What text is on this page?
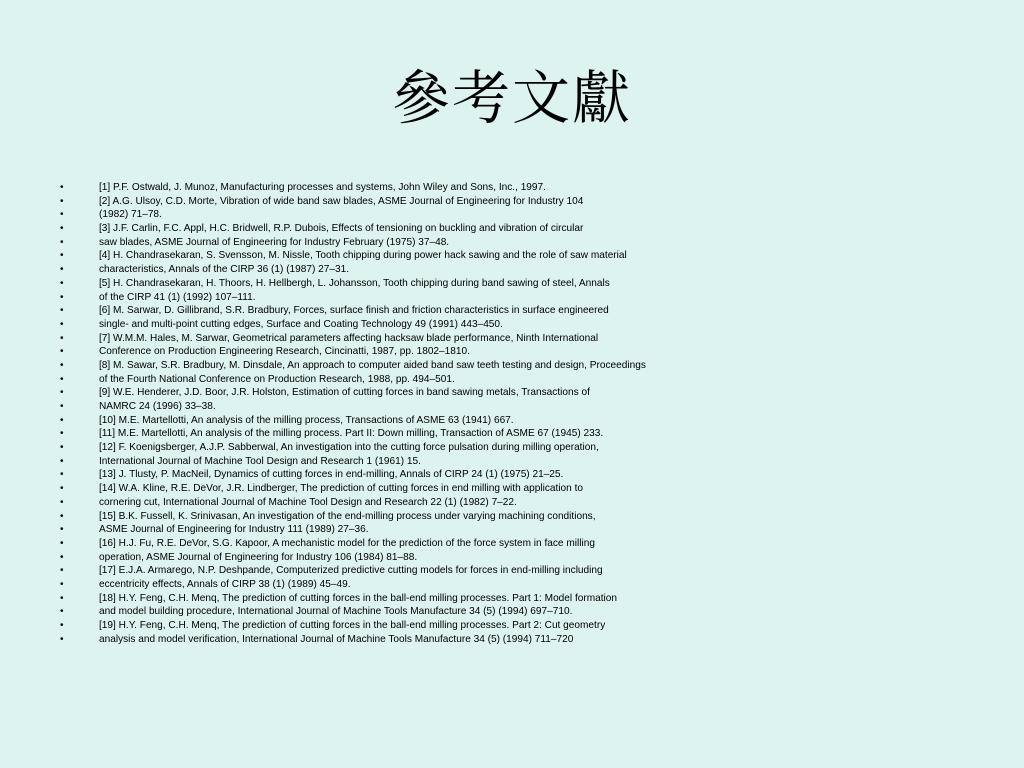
參考文獻
•	[1] P.F. Ostwald, J. Munoz, Manufacturing processes and systems, John Wiley and Sons, Inc., 1997.
•	[2] A.G. Ulsoy, C.D. Morte, Vibration of wide band saw blades, ASME Journal of Engineering for Industry 104
•	(1982) 71–78.
•	[3] J.F. Carlin, F.C. Appl, H.C. Bridwell, R.P. Dubois, Effects of tensioning on buckling and vibration of circular
•	saw blades, ASME Journal of Engineering for Industry February (1975) 37–48.
•	[4] H. Chandrasekaran, S. Svensson, M. Nissle, Tooth chipping during power hack sawing and the role of saw material
•	characteristics, Annals of the CIRP 36 (1) (1987) 27–31.
•	[5] H. Chandrasekaran, H. Thoors, H. Hellbergh, L. Johansson, Tooth chipping during band sawing of steel, Annals
•	of the CIRP 41 (1) (1992) 107–111.
•	[6] M. Sarwar, D. Gillibrand, S.R. Bradbury, Forces, surface finish and friction characteristics in surface engineered
•	single- and multi-point cutting edges, Surface and Coating Technology 49 (1991) 443–450.
•	[7] W.M.M. Hales, M. Sarwar, Geometrical parameters affecting hacksaw blade performance, Ninth International
•	Conference on Production Engineering Research, Cincinatti, 1987, pp. 1802–1810.
•	[8] M. Sawar, S.R. Bradbury, M. Dinsdale, An approach to computer aided band saw teeth testing and design, Proceedings
•	of the Fourth National Conference on Production Research, 1988, pp. 494–501.
•	[9] W.E. Henderer, J.D. Boor, J.R. Holston, Estimation of cutting forces in band sawing metals, Transactions of
•	NAMRC 24 (1996) 33–38.
•	[10] M.E. Martellotti, An analysis of the milling process, Transactions of ASME 63 (1941) 667.
•	[11] M.E. Martellotti, An analysis of the milling process. Part II: Down milling, Transaction of ASME 67 (1945) 233.
•	[12] F. Koenigsberger, A.J.P. Sabberwal, An investigation into the cutting force pulsation during milling operation,
•	International Journal of Machine Tool Design and Research 1 (1961) 15.
•	[13] J. Tlusty, P. MacNeil, Dynamics of cutting forces in end-milling, Annals of CIRP 24 (1) (1975) 21–25.
•	[14] W.A. Kline, R.E. DeVor, J.R. Lindberger, The prediction of cutting forces in end milling with application to
•	cornering cut, International Journal of Machine Tool Design and Research 22 (1) (1982) 7–22.
•	[15] B.K. Fussell, K. Srinivasan, An investigation of the end-milling process under varying machining conditions,
•	ASME Journal of Engineering for Industry 111 (1989) 27–36.
•	[16] H.J. Fu, R.E. DeVor, S.G. Kapoor, A mechanistic model for the prediction of the force system in face milling
•	operation, ASME Journal of Engineering for Industry 106 (1984) 81–88.
•	[17] E.J.A. Armarego, N.P. Deshpande, Computerized predictive cutting models for forces in end-milling including
•	eccentricity effects, Annals of CIRP 38 (1) (1989) 45–49.
•	[18] H.Y. Feng, C.H. Menq, The prediction of cutting forces in the ball-end milling processes. Part 1: Model formation
•	and model building procedure, International Journal of Machine Tools Manufacture 34 (5) (1994) 697–710.
•	[19] H.Y. Feng, C.H. Menq, The prediction of cutting forces in the ball-end milling processes. Part 2: Cut geometry
•	analysis and model verification, International Journal of Machine Tools Manufacture 34 (5) (1994) 711–720
